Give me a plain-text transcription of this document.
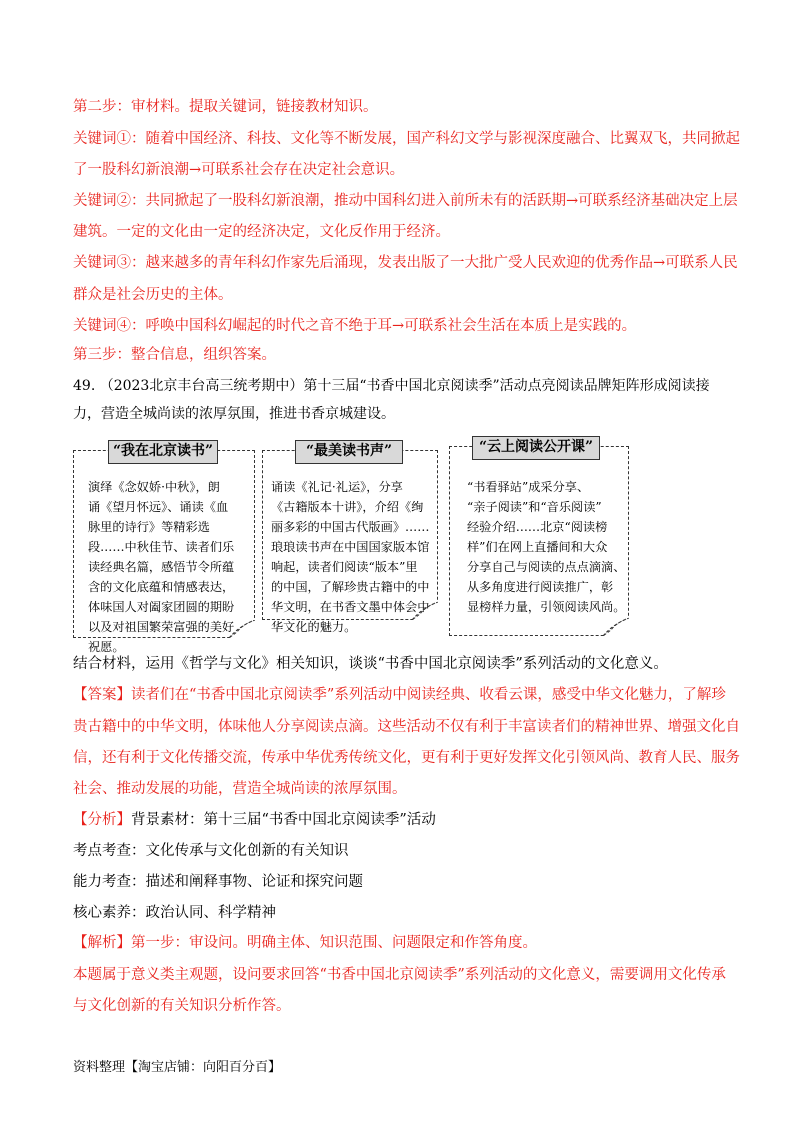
第二步：审材料。提取关键词，链接教材知识。
关键词①：随着中国经济、科技、文化等不断发展，国产科幻文学与影视深度融合、比翼双飞，共同掀起
了一股科幻新浪潮→可联系社会存在决定社会意识。
关键词②：共同掀起了一股科幻新浪潮，推动中国科幻进入前所未有的活跃期→可联系经济基础决定上层
建筑。一定的文化由一定的经济决定，文化反作用于经济。
关键词③：越来越多的青年科幻作家先后涌现，发表出版了一大批广受人民欢迎的优秀作品→可联系人民
群众是社会历史的主体。
关键词④：呼唤中国科幻崛起的时代之音不绝于耳→可联系社会生活在本质上是实践的。
第三步：整合信息，组织答案。
49. （2023北京丰台高三统考期中）第十三届“书香中国北京阅读季”活动点亮阅读品牌矩阵形成阅读接
力，营造全城尚读的浓厚氛围，推进书香京城建设。
“我在北京读书”
演绎《念奴娇·中秋》，朗
诵《望月怀远》、诵读《血
脉里的诗行》等精彩选
段……中秋佳节、读者们乐
读经典名篇，感悟节令所蕴
含的文化底蕴和情感表达，
体味国人对阖家团圆的期盼
以及对祖国繁荣富强的美好
祝愿。
“最美读书声”
诵读《礼记·礼运》，分享
《古籍版本十讲》，介绍《绚
丽多彩的中国古代版画》……
琅琅读书声在中国国家版本馆
响起，读者们阅读“版本”里
的中国，了解珍贵古籍中的中
华文明，在书香文墨中体会中
华文化的魅力。
“云上阅读公开课”
“书看驿站”成采分享、
“亲子阅读”和“音乐阅读”
经验介绍……北京“阅读榜
样”们在网上直播间和大众
分享自己与阅读的点点滴滴、
从多角度进行阅读推广，彰
显榜样力量，引领阅读风尚。
结合材料，运用《哲学与文化》相关知识，谈谈“书香中国北京阅读季”系列活动的文化意义。
【答案】读者们在“书香中国北京阅读季”系列活动中阅读经典、收看云课，感受中华文化魅力，了解珍
贵古籍中的中华文明，体味他人分享阅读点滴。这些活动不仅有利于丰富读者们的精神世界、增强文化自
信，还有利于文化传播交流，传承中华优秀传统文化，更有利于更好发挥文化引领风尚、教育人民、服务
社会、推动发展的功能，营造全城尚读的浓厚氛围。
【分析】背景素材：第十三届“书香中国北京阅读季”活动
考点考查：文化传承与文化创新的有关知识
能力考查：描述和阐释事物、论证和探究问题
核心素养：政治认同、科学精神
【解析】第一步：审设问。明确主体、知识范围、问题限定和作答角度。
本题属于意义类主观题，设问要求回答“书香中国北京阅读季”系列活动的文化意义，需要调用文化传承
与文化创新的有关知识分析作答。
资料整理【淘宝店铺：向阳百分百】
